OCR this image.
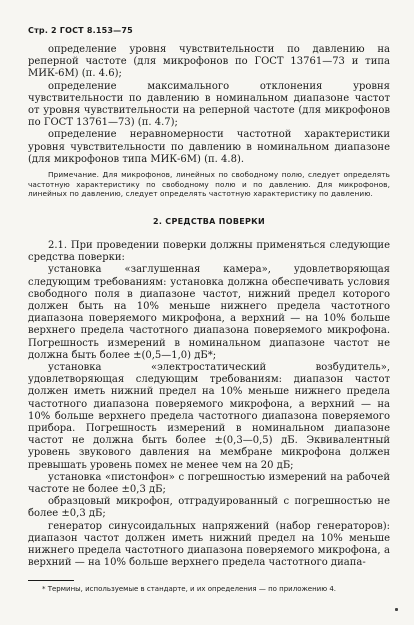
Стр. 2 ГОСТ 8.153—75

определение уровня чувствительности по давлению на реперной частоте (для микрофонов по ГОСТ 13761—73 и типа МИК-6М) (п. 4.6);

определение максимального отклонения уровня чувствительности по давлению в номинальном диапазоне частот от уровня чувствительности на реперной частоте (для микрофонов по ГОСТ 13761—73) (п. 4.7);

определение неравномерности частотной характеристики уровня чувствительности по давлению в номинальном диапазоне (для микрофонов типа МИК-6М) (п. 4.8).

Примечание. Для микрофонов, линейных по свободному полю, следует определять частотную характеристику по свободному полю и по давлению. Для микрофонов, линейных по давлению, следует определять частотную характеристику по давлению.

2. СРЕДСТВА ПОВЕРКИ

2.1. При проведении поверки должны применяться следующие средства поверки:

установка «заглушенная камера», удовлетворяющая следующим требованиям: установка должна обеспечивать условия свободного поля в диапазоне частот, нижний предел которого должен быть на 10% меньше нижнего предела частотного диапазона поверяемого микрофона, а верхний — на 10% больше верхнего предела частотного диапазона поверяемого микрофона. Погрешность измерений в номинальном диапазоне частот не должна быть более ±(0,5—1,0) дБ*;

установка «электростатический возбудитель», удовлетворяющая следующим требованиям: диапазон частот должен иметь нижний предел на 10% меньше нижнего предела частотного диапазона поверяемого микрофона, а верхний — на 10% больше верхнего предела частотного диапазона поверяемого прибора. Погрешность измерений в номинальном диапазоне частот не должна быть более ±(0,3—0,5) дБ. Эквивалентный уровень звукового давления на мембране микрофона должен превышать уровень помех не менее чем на 20 дБ;

установка «пистонфон» с погрешностью измерений на рабочей частоте не более ±0,3 дБ;

образцовый микрофон, отградуированный с погрешностью не более ±0,3 дБ;

генератор синусоидальных напряжений (набор генераторов): диапазон частот должен иметь нижний предел на 10% меньше нижнего предела частотного диапазона поверяемого микрофона, а верхний — на 10% больше верхнего предела частотного диапа-

* Термины, используемые в стандарте, и их определения — по приложению 4.
